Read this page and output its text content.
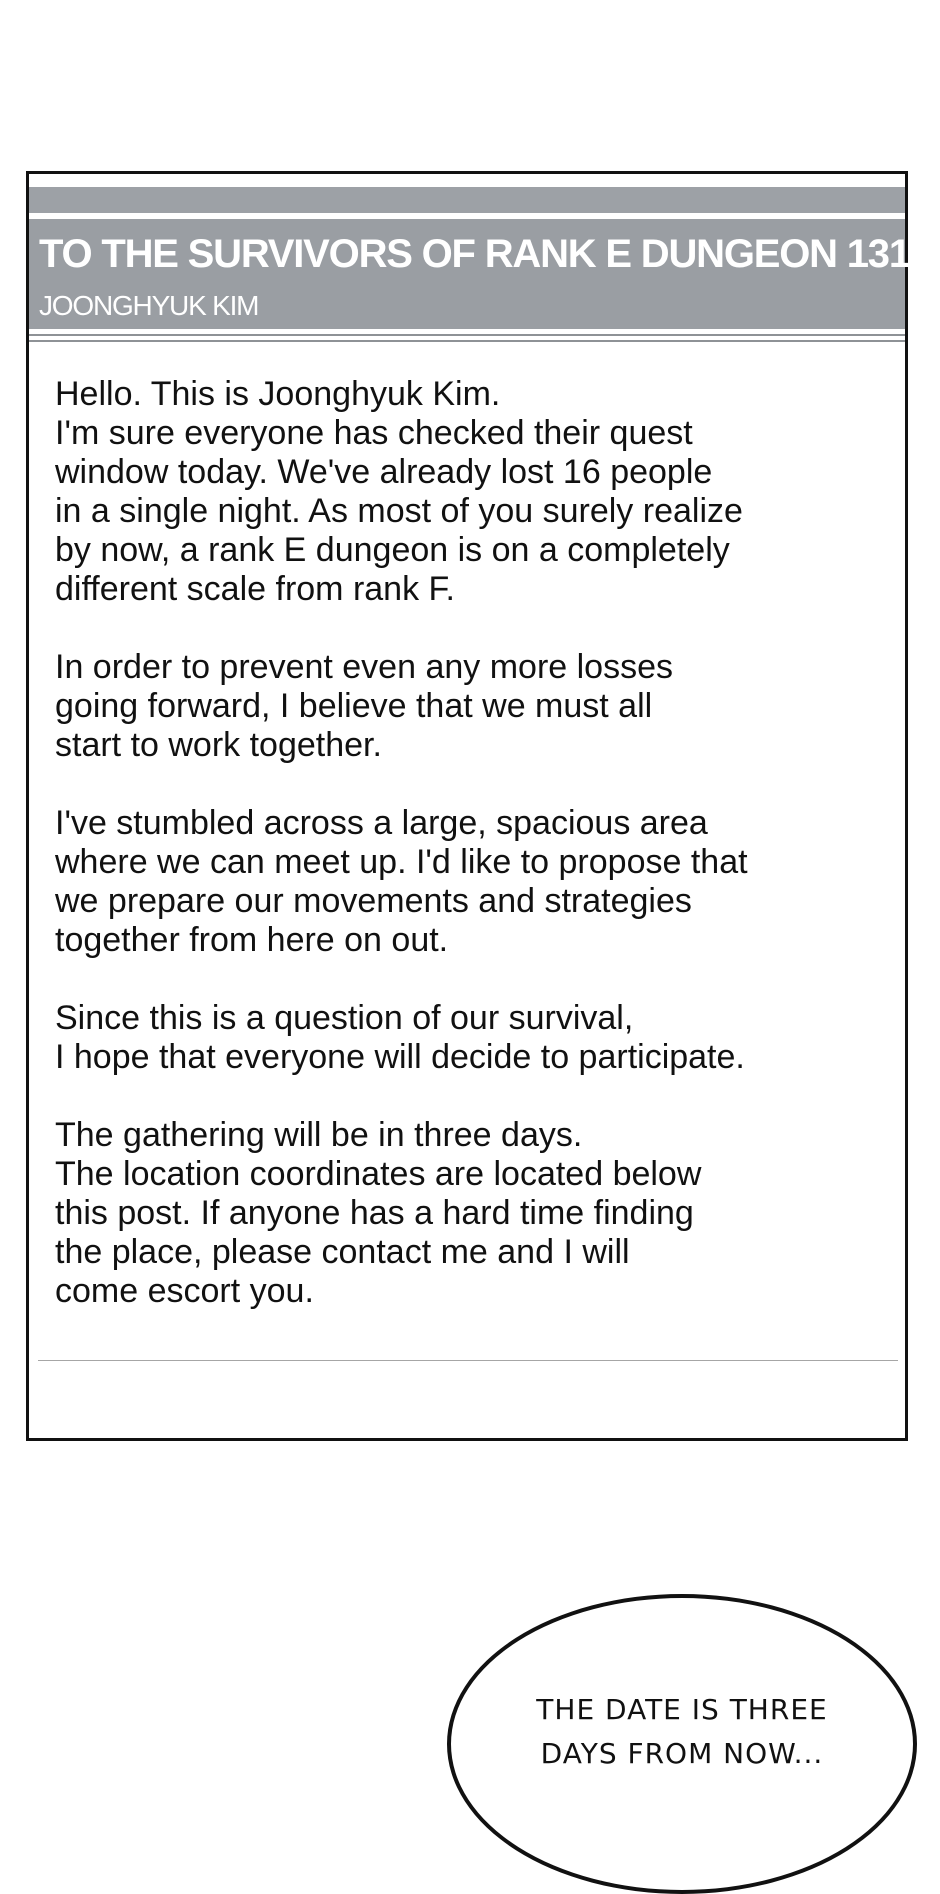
TO THE SURVIVORS OF RANK E DUNGEON 1313
JOONGHYUK KIM

Hello. This is Joonghyuk Kim.
I'm sure everyone has checked their quest
window today. We've already lost 16 people
in a single night. As most of you surely realize
by now, a rank E dungeon is on a completely
different scale from rank F.

In order to prevent even any more losses
going forward, I believe that we must all
start to work together.

I've stumbled across a large, spacious area
where we can meet up. I'd like to propose that
we prepare our movements and strategies
together from here on out.

Since this is a question of our survival,
I hope that everyone will decide to participate.

The gathering will be in three days.
The location coordinates are located below
this post. If anyone has a hard time finding
the place, please contact me and I will
come escort you.

THE DATE IS THREE
DAYS FROM NOW...
